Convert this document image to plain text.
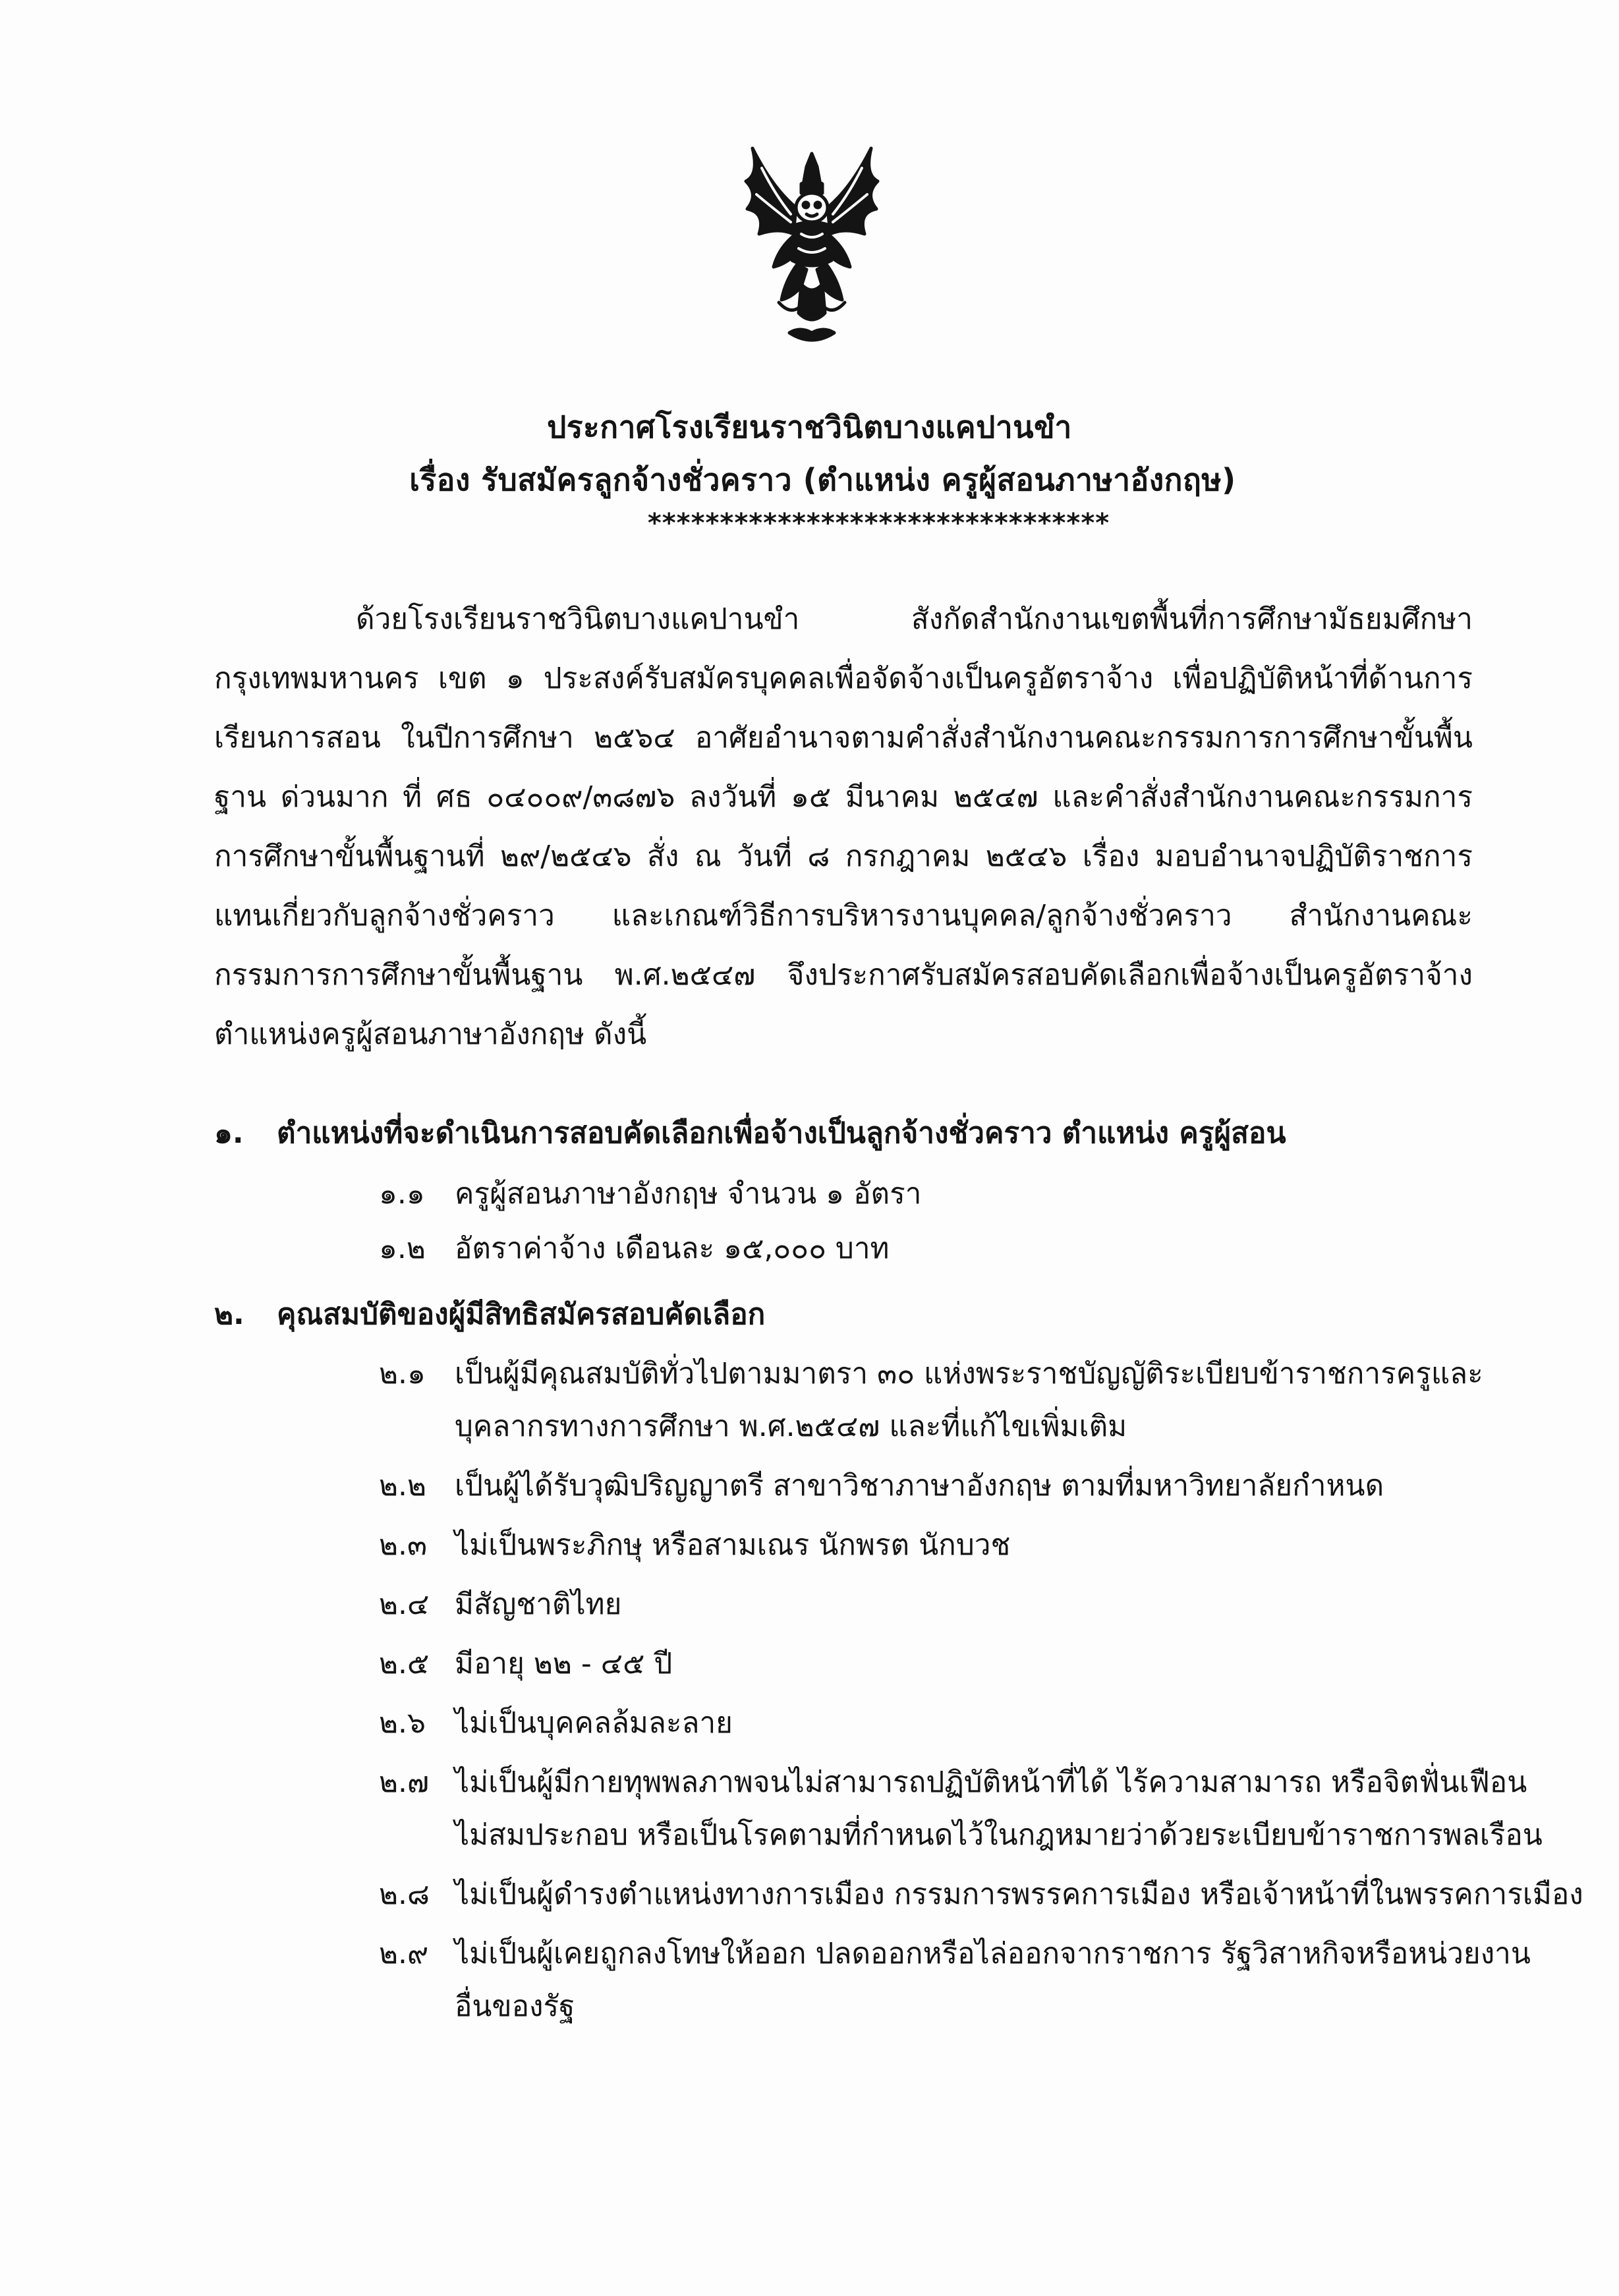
ประกาศโรงเรียนราชวินิตบางแคปานขำ
เรื่อง รับสมัครลูกจ้างชั่วคราว (ตำแหน่ง ครูผู้สอนภาษาอังกฤษ)
********************************

ด้วยโรงเรียนราชวินิตบางแคปานขำ สังกัดสำนักงานเขตพื้นที่การศึกษามัธยมศึกษากรุงเทพมหานคร เขต ๑ ประสงค์รับสมัครบุคคลเพื่อจัดจ้างเป็นครูอัตราจ้าง เพื่อปฏิบัติหน้าที่ด้านการเรียนการสอน ในปีการศึกษา ๒๕๖๔ อาศัยอำนาจตามคำสั่งสำนักงานคณะกรรมการการศึกษาขั้นพื้นฐาน ด่วนมาก ที่ ศธ ๐๔๐๐๙/๓๘๗๖ ลงวันที่ ๑๕ มีนาคม ๒๕๔๗ และคำสั่งสำนักงานคณะกรรมการการศึกษาขั้นพื้นฐานที่ ๒๙/๒๕๔๖ สั่ง ณ วันที่ ๘ กรกฎาคม ๒๕๔๖ เรื่อง มอบอำนาจปฏิบัติราชการแทนเกี่ยวกับลูกจ้างชั่วคราว และเกณฑ์วิธีการบริหารงานบุคคล/ลูกจ้างชั่วคราว สำนักงานคณะกรรมการการศึกษาขั้นพื้นฐาน พ.ศ.๒๕๔๗ จึงประกาศรับสมัครสอบคัดเลือกเพื่อจ้างเป็นครูอัตราจ้าง ตำแหน่งครูผู้สอนภาษาอังกฤษ ดังนี้

๑. ตำแหน่งที่จะดำเนินการสอบคัดเลือกเพื่อจ้างเป็นลูกจ้างชั่วคราว ตำแหน่ง ครูผู้สอน
๑.๑ ครูผู้สอนภาษาอังกฤษ จำนวน ๑ อัตรา
๑.๒ อัตราค่าจ้าง เดือนละ ๑๕,๐๐๐ บาท
๒. คุณสมบัติของผู้มีสิทธิสมัครสอบคัดเลือก
๒.๑ เป็นผู้มีคุณสมบัติทั่วไปตามมาตรา ๓๐ แห่งพระราชบัญญัติระเบียบข้าราชการครูและ
บุคลากรทางการศึกษา พ.ศ.๒๕๔๗ และที่แก้ไขเพิ่มเติม
๒.๒ เป็นผู้ได้รับวุฒิปริญญาตรี สาขาวิชาภาษาอังกฤษ ตามที่มหาวิทยาลัยกำหนด
๒.๓ ไม่เป็นพระภิกษุ หรือสามเณร นักพรต นักบวช
๒.๔ มีสัญชาติไทย
๒.๕ มีอายุ ๒๒ - ๔๕ ปี
๒.๖ ไม่เป็นบุคคลล้มละลาย
๒.๗ ไม่เป็นผู้มีกายทุพพลภาพจนไม่สามารถปฏิบัติหน้าที่ได้ ไร้ความสามารถ หรือจิตฟั่นเฟือน
ไม่สมประกอบ หรือเป็นโรคตามที่กำหนดไว้ในกฎหมายว่าด้วยระเบียบข้าราชการพลเรือน
๒.๘ ไม่เป็นผู้ดำรงตำแหน่งทางการเมือง กรรมการพรรคการเมือง หรือเจ้าหน้าที่ในพรรคการเมือง
๒.๙ ไม่เป็นผู้เคยถูกลงโทษให้ออก ปลดออกหรือไล่ออกจากราชการ รัฐวิสาหกิจหรือหน่วยงาน
อื่นของรัฐ
